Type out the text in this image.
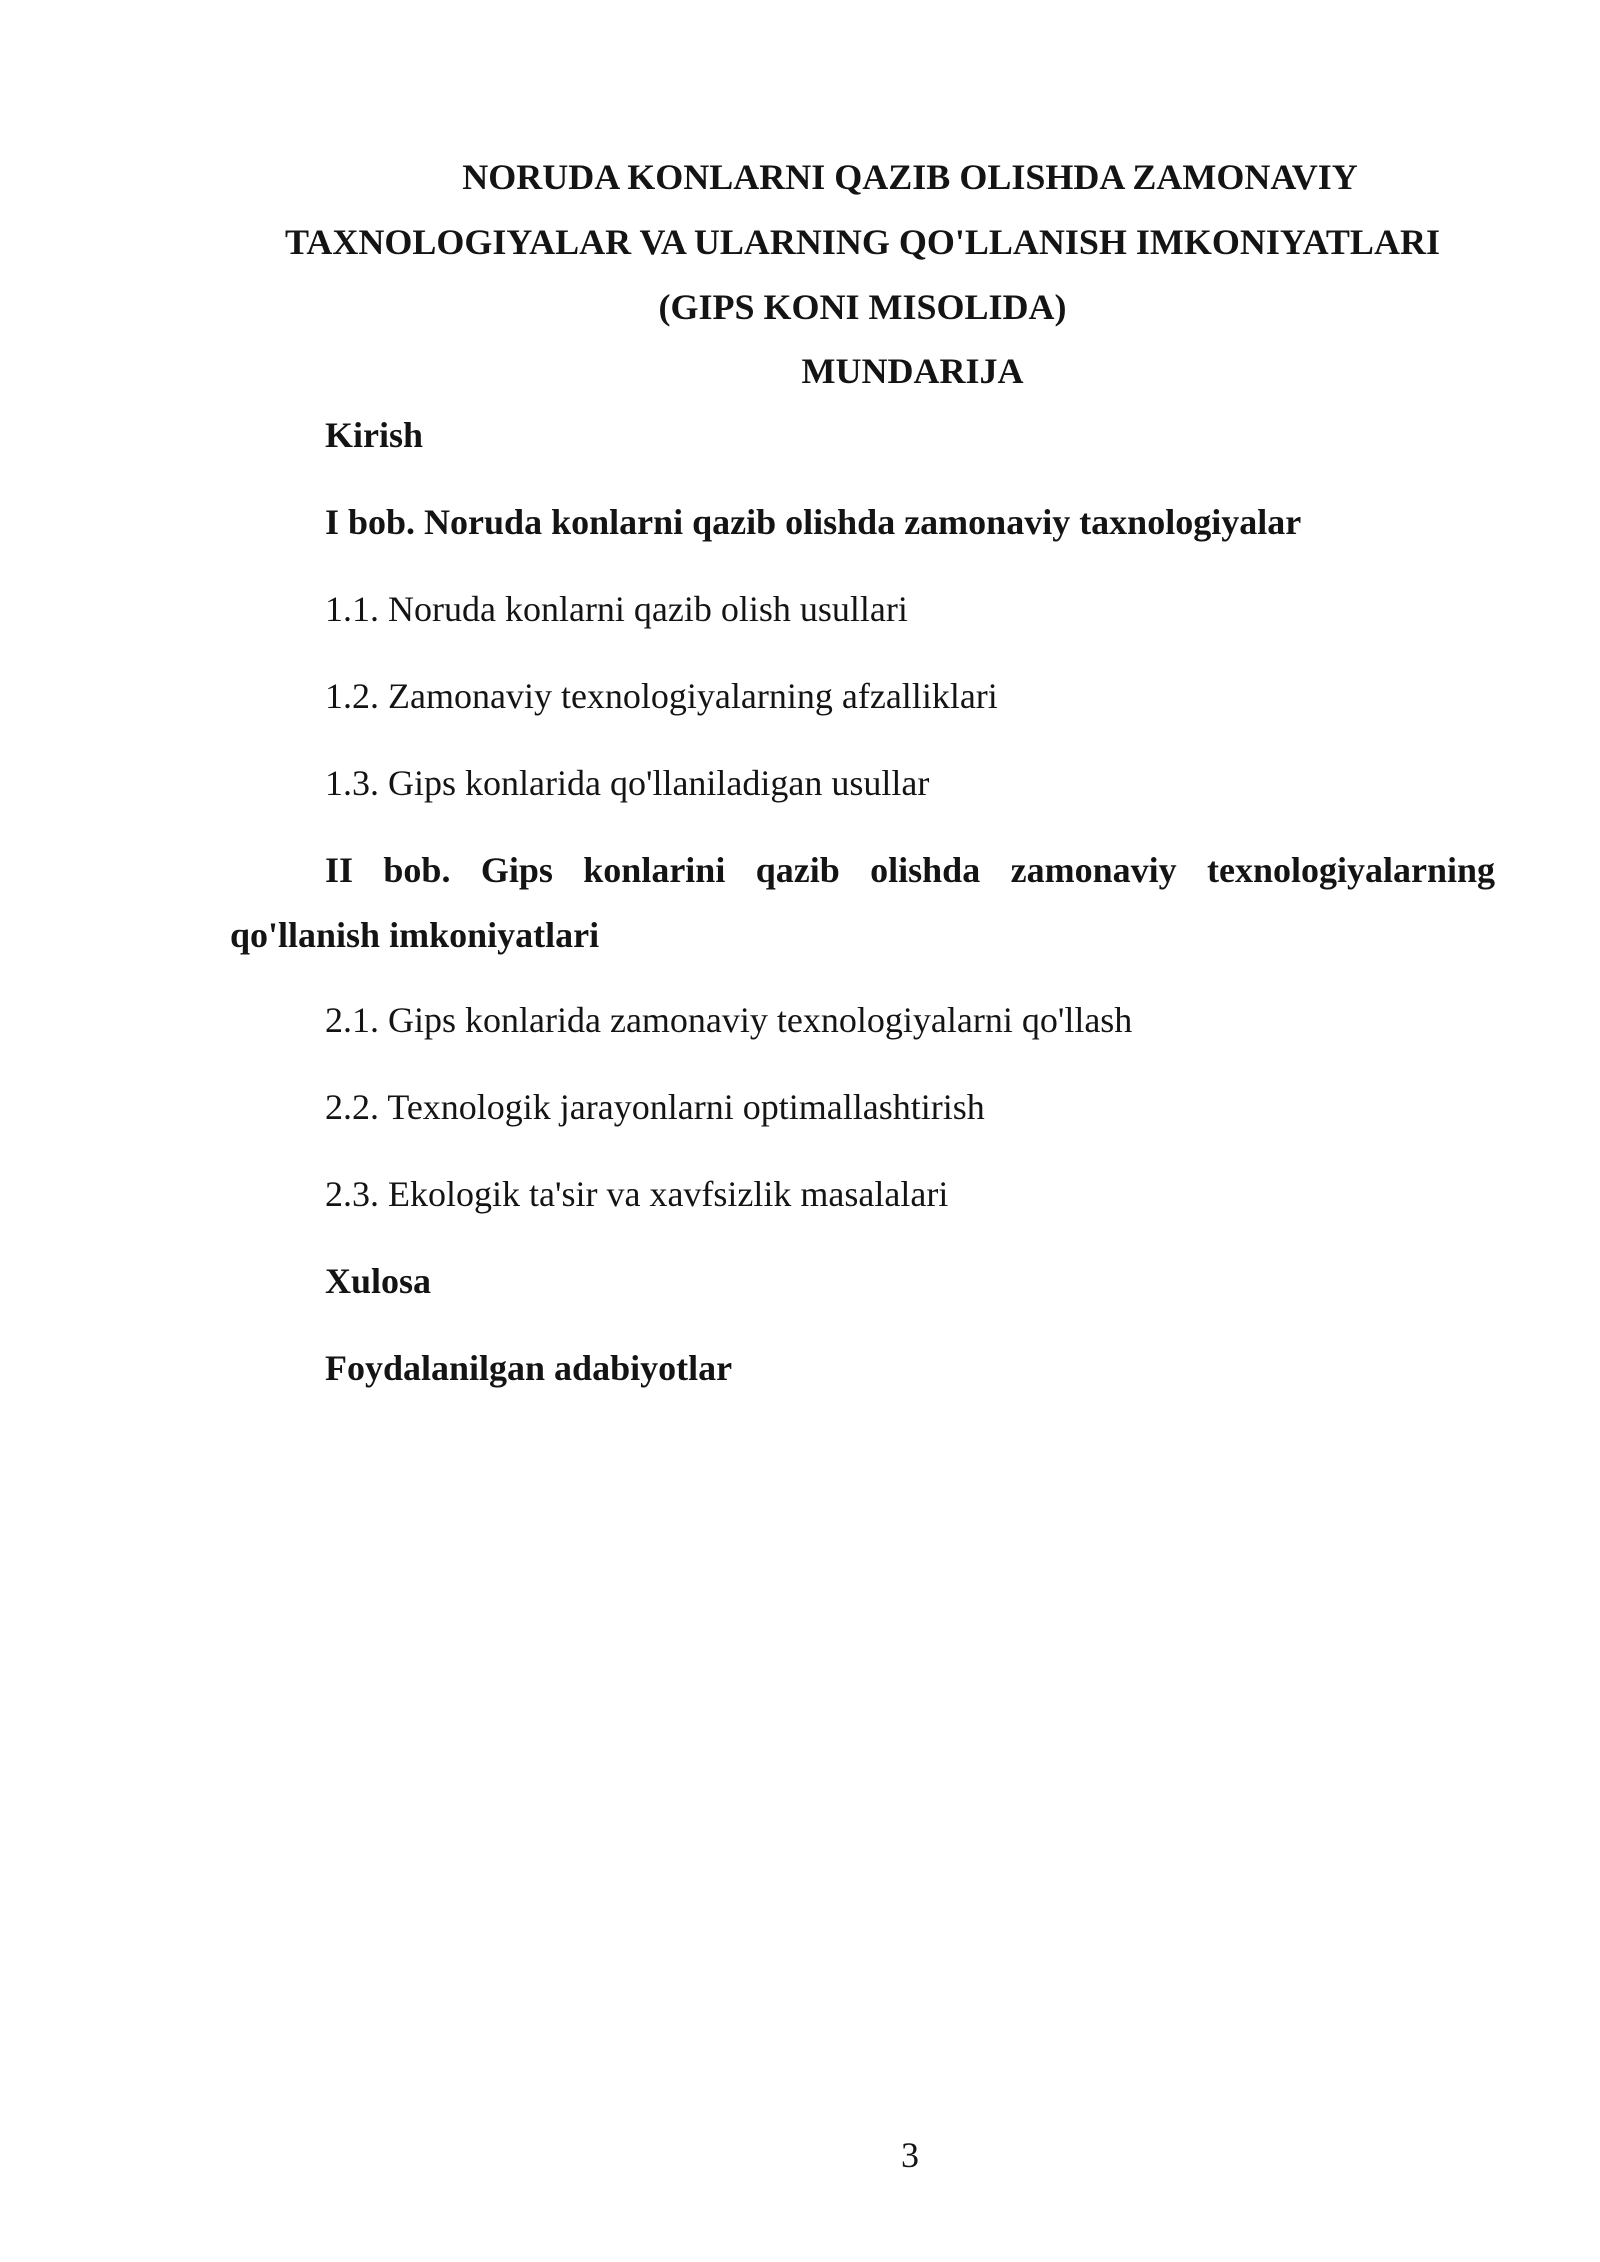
NORUDA KONLARNI QAZIB OLISHDA ZAMONAVIY
TAXNOLOGIYALAR VA ULARNING QO'LLANISH IMKONIYATLARI
(GIPS KONI MISOLIDA)
MUNDARIJA
Kirish
I bob. Noruda konlarni qazib olishda zamonaviy taxnologiyalar
1.1. Noruda konlarni qazib olish usullari
1.2. Zamonaviy texnologiyalarning afzalliklari
1.3. Gips konlarida qo'llaniladigan usullar
II bob. Gips konlarini qazib olishda zamonaviy texnologiyalarning qo'llanish imkoniyatlari
2.1. Gips konlarida zamonaviy texnologiyalarni qo'llash
2.2. Texnologik jarayonlarni optimallashtirish
2.3. Ekologik ta'sir va xavfsizlik masalalari
Xulosa
Foydalanilgan adabiyotlar
3
